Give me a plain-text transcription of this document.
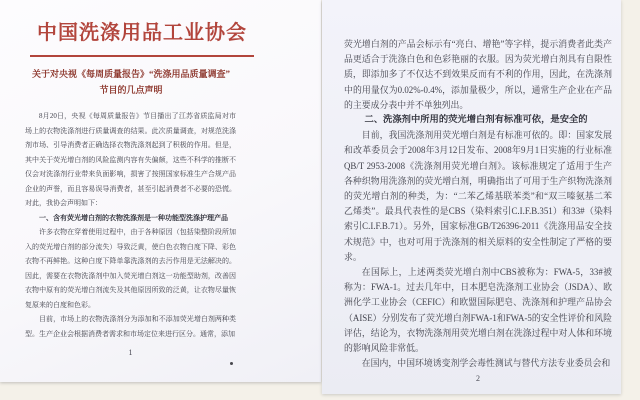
中国洗涤用品工业协会
关于对央视《每周质量报告》“洗涤用品质量调查”
节目的几点声明

8月20日，央视《每周质量报告》节目播出了江苏省质监局对市场上的衣物洗涤剂进行质量调查的结果。此次质量调查，对规范洗涤剂市场、引导消费者正确选择衣物洗涤剂起到了积极的作用。但是，其中关于荧光增白剂的风险监测内容有失偏颇，这些不科学的推断不仅会对洗涤剂行业带来负面影响，损害了按照国家标准生产合规产品企业的声誉，而且容易误导消费者，甚至引起消费者不必要的恐慌。对此，我协会声明如下：

一、含有荧光增白剂的衣物洗涤剂是一种功能型洗涤护理产品

许多衣物在穿着使用过程中，由于各种原因（包括染整阶段所加入的荧光增白剂的部分流失）导致泛黄，使白色衣物白度下降、彩色衣物不再鲜艳。这种白度下降单靠洗涤剂的去污作用是无法解决的。因此，需要在衣物洗涤剂中加入荧光增白剂这一功能型助剂，改善因衣物中原有的荧光增白剂流失及其他原因所致的泛黄，让衣物尽量恢复原来的白度和色彩。

目前，市场上的衣物洗涤剂分为添加和不添加荧光增白剂两种类型。生产企业会根据消费者需求和市场定位来进行区分。通常，添加

1

荧光增白剂的产品会标示有“亮白、增艳”等字样，提示消费者此类产品更适合于洗涤白色和色彩艳丽的衣服。因为荧光增白剂具有自限性质，即添加多了不仅达不到效果反而有不利的作用，因此，在洗涤剂中的用量仅为0.02%-0.4%，添加量极少，所以，通常生产企业在产品的主要成分表中并不单独列出。

二、洗涤剂中所用的荧光增白剂有标准可依，是安全的

目前，我国洗涤剂用荧光增白剂是有标准可依的。即：国家发展和改革委员会于2008年3月12日发布、2008年9月1日实施的行业标准QB/T 2953-2008《洗涤剂用荧光增白剂》。该标准规定了适用于生产各种织物用洗涤剂的荧光增白剂，明确指出了可用于生产织物洗涤剂的荧光增白剂的种类，为：“二苯乙烯基联苯类”和“双三嗪氨基二苯乙烯类”。最具代表性的是CBS（染料索引C.I.F.B.351）和33#（染料索引C.I.F.B.71）。另外，国家标准GB/T26396-2011《洗涤用品安全技术规范》中，也对可用于洗涤剂的相关原料的安全性制定了严格的要求。

在国际上，上述两类荧光增白剂中CBS被称为：FWA-5，33#被称为：FWA-1。过去几年中，日本肥皂洗涤剂工业协会（JSDA）、欧洲化学工业协会（CEFIC）和欧盟国际肥皂、洗涤剂和护理产品协会（AISE）分别发布了荧光增白剂FWA-1和FWA-5的安全性评价和风险评估，结论为，衣物洗涤剂用荧光增白剂在洗涤过程中对人体和环境的影响风险非常低。

在国内，中国环境诱变剂学会毒性测试与替代方法专业委员会和

2
